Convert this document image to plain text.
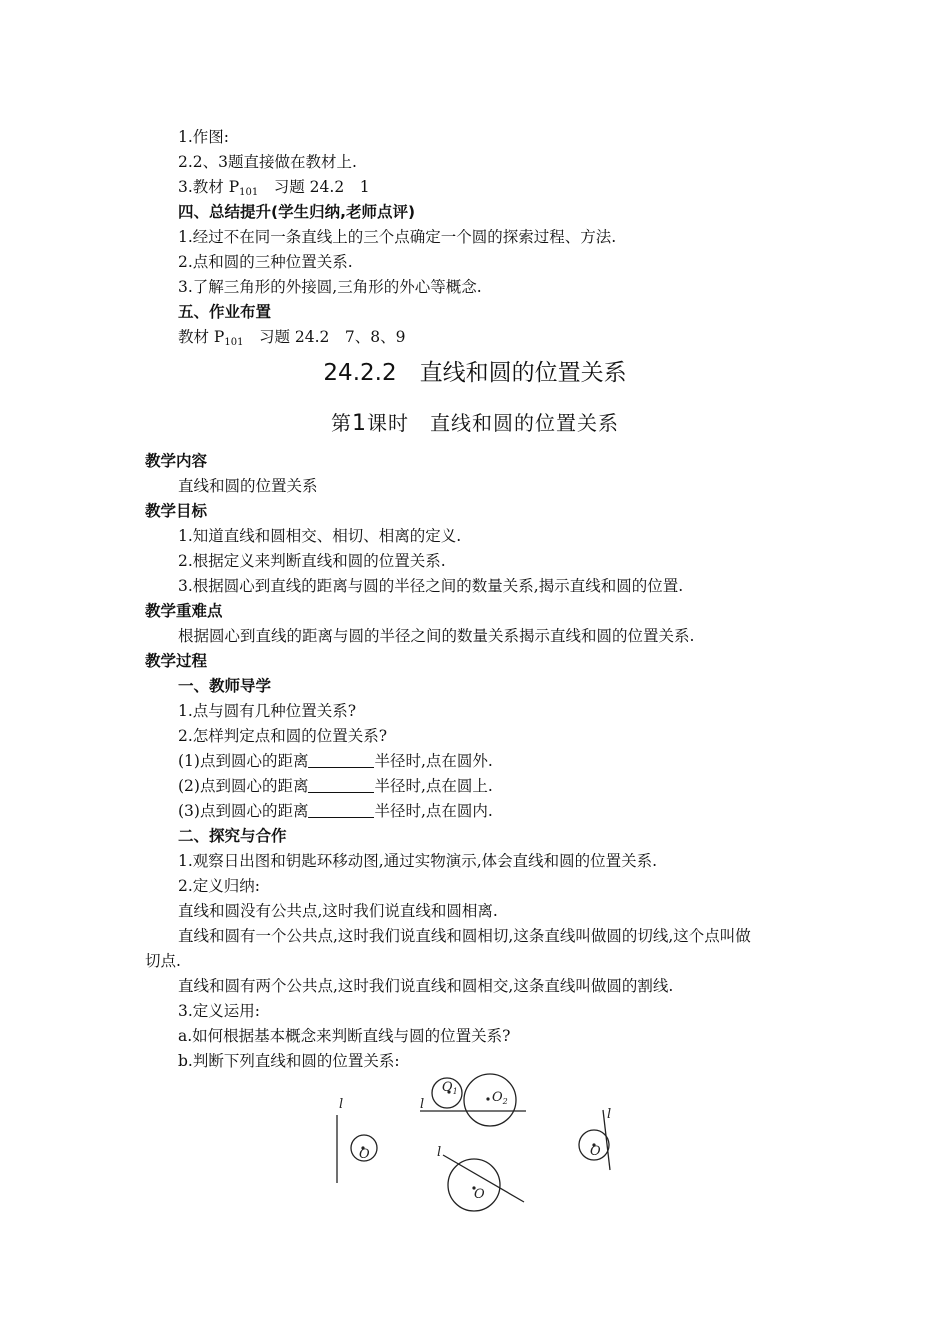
1.作图:
2.2、3题直接做在教材上.
3.教材 $P_{101}$　习题 24.2　1
四、总结提升(学生归纳,老师点评)
1.经过不在同一条直线上的三个点确定一个圆的探索过程、方法.
2.点和圆的三种位置关系.
3.了解三角形的外接圆,三角形的外心等概念.
五、作业布置
教材 $P_{101}$　习题 24.2　7、8、9
24.2.2　直线和圆的位置关系
第1课时　直线和圆的位置关系
教学内容
直线和圆的位置关系
教学目标
1.知道直线和圆相交、相切、相离的定义.
2.根据定义来判断直线和圆的位置关系.
3.根据圆心到直线的距离与圆的半径之间的数量关系,揭示直线和圆的位置.
教学重难点
根据圆心到直线的距离与圆的半径之间的数量关系揭示直线和圆的位置关系.
教学过程
一、教师导学
1.点与圆有几种位置关系?
2.怎样判定点和圆的位置关系?
(1)点到圆心的距离	半径时,点在圆外.
(2)点到圆心的距离	半径时,点在圆上.
(3)点到圆心的距离	半径时,点在圆内.
二、探究与合作
1.观察日出图和钥匙环移动图,通过实物演示,体会直线和圆的位置关系.
2.定义归纳:
直线和圆没有公共点,这时我们说直线和圆相离.
直线和圆有一个公共点,这时我们说直线和圆相切,这条直线叫做圆的切线,这个点叫做
切点.
直线和圆有两个公共点,这时我们说直线和圆相交,这条直线叫做圆的割线.
3.定义运用:
a.如何根据基本概念来判断直线与圆的位置关系?
b.判断下列直线和圆的位置关系:
l
O
l
$O_1$	$O_2$
l
O
l
O
